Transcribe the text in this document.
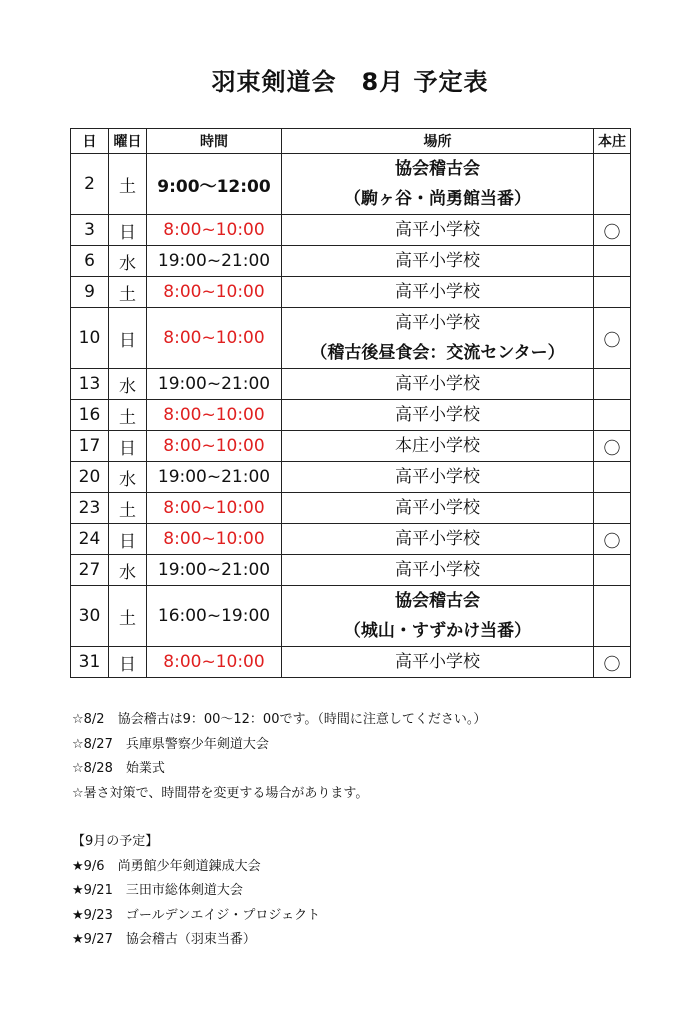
羽束剣道会　8月 予定表
日	曜日	時間	場所	本庄
2	土	9:00～12:00	協会稽古会
（駒ヶ谷・尚勇館当番）	

3	日	8:00~10:00	高平小学校	〇
6	水	19:00~21:00	高平小学校	

9	土	8:00~10:00	高平小学校	

10	日	8:00~10:00	高平小学校
（稽古後昼食会：交流センター）	〇
13	水	19:00~21:00	高平小学校	

16	土	8:00~10:00	高平小学校	

17	日	8:00~10:00	本庄小学校	〇
20	水	19:00~21:00	高平小学校	

23	土	8:00~10:00	高平小学校	

24	日	8:00~10:00	高平小学校	〇
27	水	19:00~21:00	高平小学校	

30	土	16:00~19:00	協会稽古会
（城山・すずかけ当番）	

31	日	8:00~10:00	高平小学校	〇
☆8/2　協会稽古は9：00～12：00です。（時間に注意してください。）
☆8/27　兵庫県警察少年剣道大会
☆8/28　始業式
☆暑さ対策で、時間帯を変更する場合があります。
【9月の予定】
★9/6　尚勇館少年剣道錬成大会
★9/21　三田市総体剣道大会
★9/23　ゴールデンエイジ・プロジェクト
★9/27　協会稽古（羽束当番）
